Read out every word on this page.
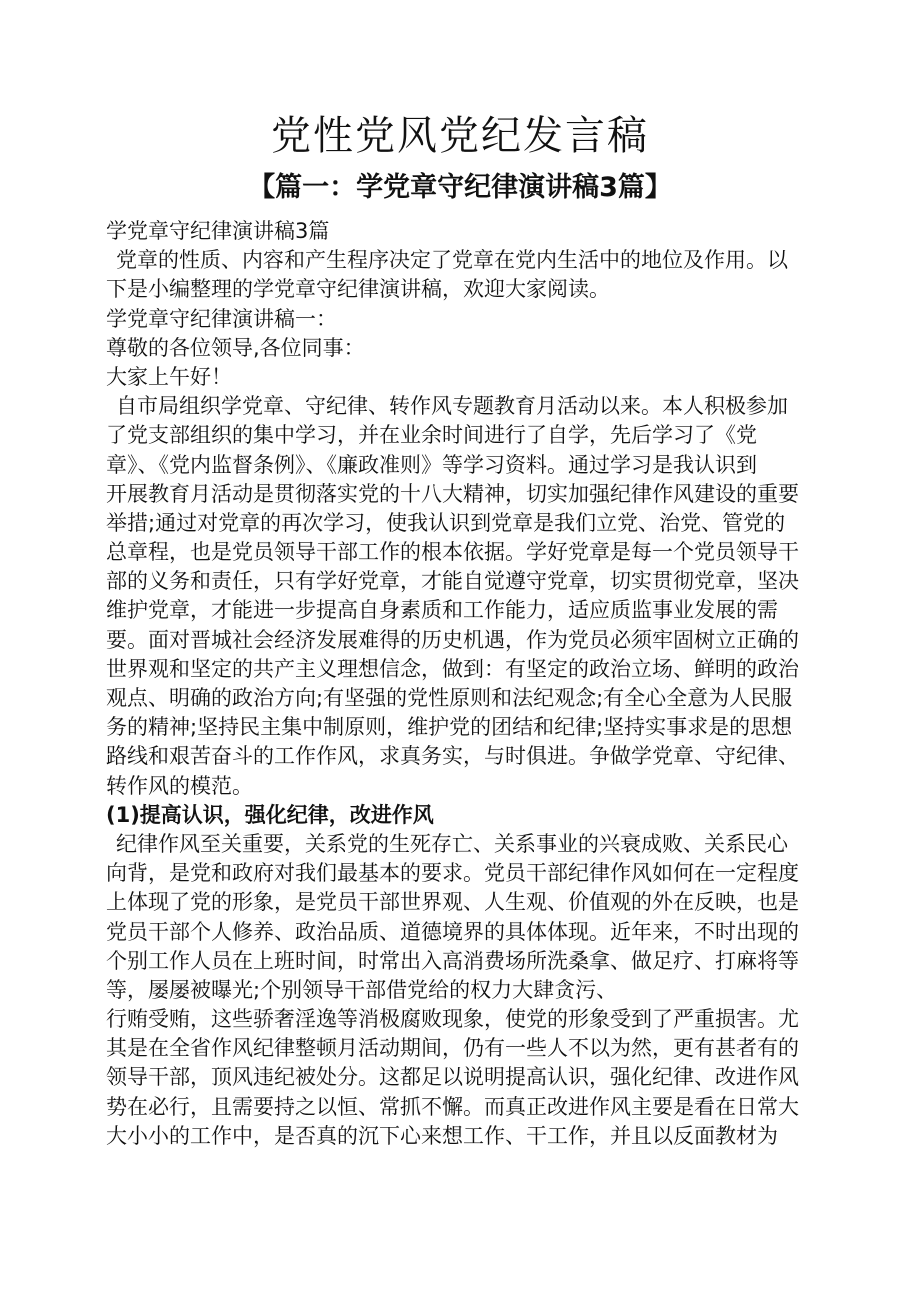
党性党风党纪发言稿
【篇一：学党章守纪律演讲稿3篇】
学党章守纪律演讲稿3篇
党章的性质、内容和产生程序决定了党章在党内生活中的地位及作用。以
下是小编整理的学党章守纪律演讲稿，欢迎大家阅读。
学党章守纪律演讲稿一：
尊敬的各位领导,各位同事：
大家上午好！
自市局组织学党章、守纪律、转作风专题教育月活动以来。本人积极参加
了党支部组织的集中学习，并在业余时间进行了自学，先后学习了《党
章》、《党内监督条例》、《廉政准则》等学习资料。通过学习是我认识到
开展教育月活动是贯彻落实党的十八大精神，切实加强纪律作风建设的重要
举措;通过对党章的再次学习，使我认识到党章是我们立党、治党、管党的
总章程，也是党员领导干部工作的根本依据。学好党章是每一个党员领导干
部的义务和责任，只有学好党章，才能自觉遵守党章，切实贯彻党章，坚决
维护党章，才能进一步提高自身素质和工作能力，适应质监事业发展的需
要。面对晋城社会经济发展难得的历史机遇，作为党员必须牢固树立正确的
世界观和坚定的共产主义理想信念，做到：有坚定的政治立场、鲜明的政治
观点、明确的政治方向;有坚强的党性原则和法纪观念;有全心全意为人民服
务的精神;坚持民主集中制原则，维护党的团结和纪律;坚持实事求是的思想
路线和艰苦奋斗的工作作风，求真务实，与时俱进。争做学党章、守纪律、
转作风的模范。
(1)提高认识，强化纪律，改进作风
纪律作风至关重要，关系党的生死存亡、关系事业的兴衰成败、关系民心
向背，是党和政府对我们最基本的要求。党员干部纪律作风如何在一定程度
上体现了党的形象，是党员干部世界观、人生观、价值观的外在反映，也是
党员干部个人修养、政治品质、道德境界的具体体现。近年来，不时出现的
个别工作人员在上班时间，时常出入高消费场所洗桑拿、做足疗、打麻将等
等，屡屡被曝光;个别领导干部借党给的权力大肆贪污、
行贿受贿，这些骄奢淫逸等消极腐败现象，使党的形象受到了严重损害。尤
其是在全省作风纪律整顿月活动期间，仍有一些人不以为然，更有甚者有的
领导干部，顶风违纪被处分。这都足以说明提高认识，强化纪律、改进作风
势在必行，且需要持之以恒、常抓不懈。而真正改进作风主要是看在日常大
大小小的工作中，是否真的沉下心来想工作、干工作，并且以反面教材为
